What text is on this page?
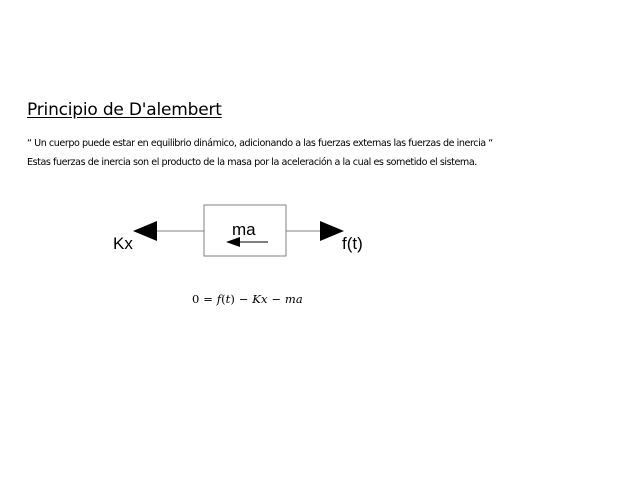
Principio de D'alembert
“ Un cuerpo puede estar en equilibrio dinámico, adicionando a las fuerzas externas las fuerzas de inercia “
Estas fuerzas de inercia son el producto de la masa por la aceleración a la cual es sometido el sistema.
ma
Kx	f(t)
0 = f(t) − Kx − ma
